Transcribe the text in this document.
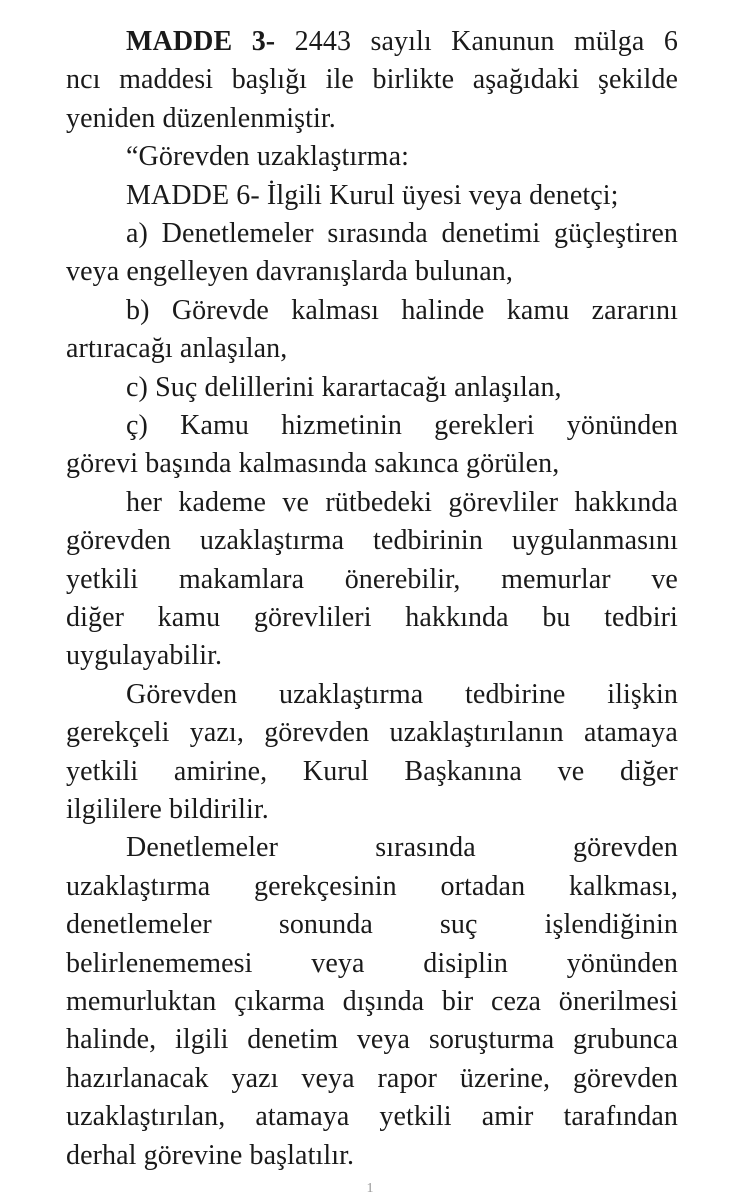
MADDE 3- 2443 sayılı Kanunun mülga 6
ncı maddesi başlığı ile birlikte aşağıdaki şekilde
yeniden düzenlenmiştir.
“Görevden uzaklaştırma:
MADDE 6- İlgili Kurul üyesi veya denetçi;
a) Denetlemeler sırasında denetimi güçleştiren
veya engelleyen davranışlarda bulunan,
b) Görevde kalması halinde kamu zararını
artıracağı anlaşılan,
c) Suç delillerini karartacağı anlaşılan,
ç) Kamu hizmetinin gerekleri yönünden
görevi başında kalmasında sakınca görülen,
her kademe ve rütbedeki görevliler hakkında
görevden uzaklaştırma tedbirinin uygulanmasını
yetkili makamlara önerebilir, memurlar ve
diğer kamu görevlileri hakkında bu tedbiri
uygulayabilir.
Görevden uzaklaştırma tedbirine ilişkin
gerekçeli yazı, görevden uzaklaştırılanın atamaya
yetkili amirine, Kurul Başkanına ve diğer
ilgililere bildirilir.
Denetlemeler	sırasında	görevden
uzaklaştırma gerekçesinin ortadan kalkması,
denetlemeler sonunda suç işlendiğinin
belirlenememesi veya disiplin yönünden
memurluktan çıkarma dışında bir ceza önerilmesi
halinde, ilgili denetim veya soruşturma grubunca
hazırlanacak yazı veya rapor üzerine, görevden
uzaklaştırılan, atamaya yetkili amir tarafından
derhal görevine başlatılır.
1
